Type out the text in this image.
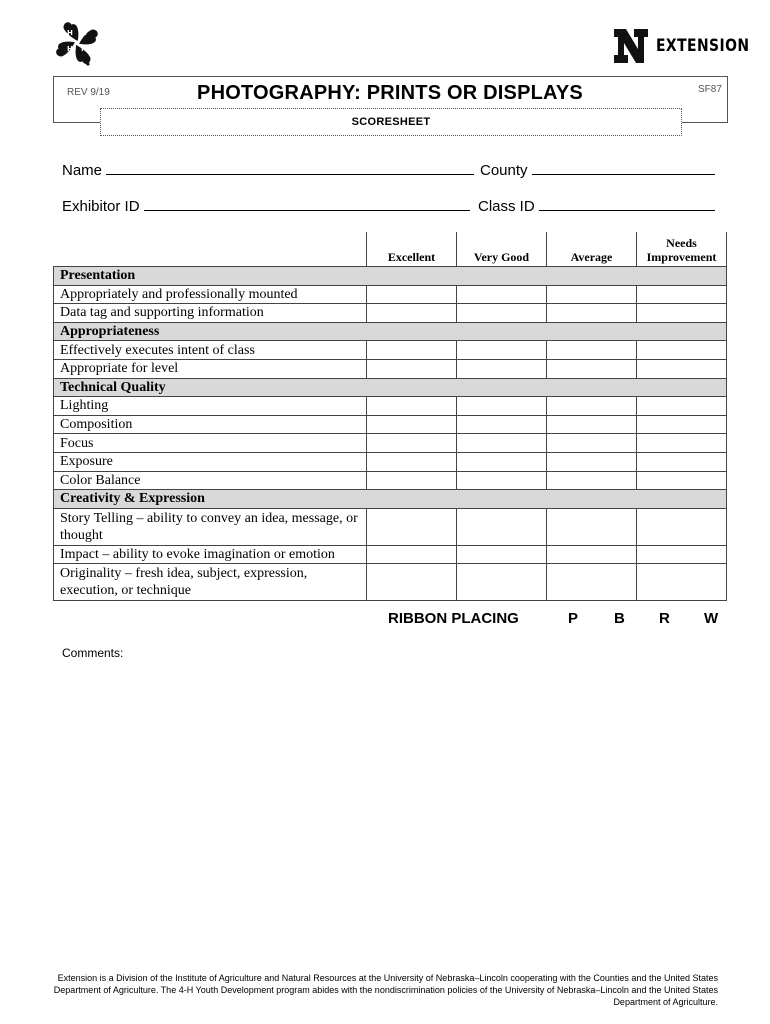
H H
H H	EXTENSION
REV 9/19	SF87
PHOTOGRAPHY: PRINTS OR DISPLAYS
SCORESHEET
Name	County
Exhibitor ID	Class ID
	Excellent	Very Good	Average	Needs Improvement
Presentation				
Appropriately and professionally mounted				
Data tag and supporting information				
Appropriateness				
Effectively executes intent of class				
Appropriate for level				
Technical Quality				
Lighting				
Composition				
Focus				
Exposure				
Color Balance				
Creativity & Expression				
Story Telling – ability to convey an idea, message, or thought				
Impact – ability to evoke imagination or emotion				
Originality – fresh idea, subject, expression, execution, or technique				
RIBBON PLACING	P B R W
Comments:
Extension is a Division of the Institute of Agriculture and Natural Resources at the University of Nebraska–Lincoln cooperating with the Counties and the United States Department of Agriculture. The 4-H Youth Development program abides with the nondiscrimination policies of the University of Nebraska–Lincoln and the United States Department of Agriculture.
